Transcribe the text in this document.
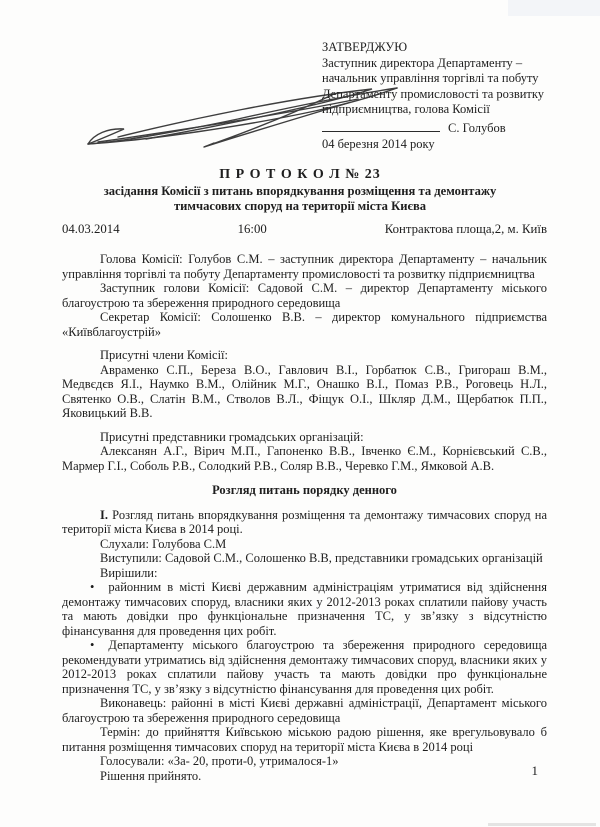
ЗАТВЕРДЖУЮ
Заступник директора Департаменту –
начальник управління торгівлі та побуту
Департаменту промисловості та розвитку
підприємництва, голова Комісії
С. Голубов
04 березня 2014 року
П Р О Т О К О Л № 23
засідання Комісії з питань впорядкування розміщення та демонтажу
тимчасових споруд на території міста Києва
04.03.2014	16:00	Контрактова площа,2, м. Київ

Голова Комісії: Голубов С.М. – заступник директора Департаменту – начальник управління торгівлі та побуту Департаменту промисловості та розвитку підприємництва

Заступник голови Комісії: Садовой С.М. – директор Департаменту міського благоустрою та збереження природного середовища

Секретар Комісії: Солошенко В.В. – директор комунального підприємства «Київблагоустрій»

Присутні члени Комісії:

Авраменко С.П., Береза В.О., Гавлович В.І., Горбатюк С.В., Григораш В.М., Медвєдєв Я.І., Наумко В.М., Олійник М.Г., Онашко В.І., Помаз Р.В., Роговець Н.Л., Святенко О.В., Слатін В.М., Стволов В.Л., Фіщук О.І., Шкляр Д.М., Щербатюк П.П., Яковицький В.В.

Присутні представники громадських організацій:

Алексанян А.Г., Вірич М.П., Гапоненко В.В., Івченко Є.М., Корнієвський С.В., Мармер Г.І., Соболь Р.В., Солодкий Р.В., Соляр В.В., Черевко Г.М., Ямковой А.В.

Розгляд питань порядку денного

І. Розгляд питань впорядкування розміщення та демонтажу тимчасових споруд на території міста Києва в 2014 році.

Слухали: Голубова С.М

Виступили: Садовой С.М., Солошенко В.В, представники громадських організацій

Вирішили:

• районним в місті Києві державним адміністраціям утриматися від здійснення демонтажу тимчасових споруд, власники яких у 2012-2013 роках сплатили пайову участь та мають довідки про функціональне призначення ТС, у зв’язку з відсутністю фінансування для проведення цих робіт.

• Департаменту міського благоустрою та збереження природного середовища рекомендувати утриматись від здійснення демонтажу тимчасових споруд, власники яких у 2012-2013 роках сплатили пайову участь та мають довідки про функціональне призначення ТС, у зв’язку з відсутністю фінансування для проведення цих робіт.

Виконавець: районні в місті Києві державні адміністрації, Департамент міського благоустрою та збереження природного середовища

Термін: до прийняття Київською міською радою рішення, яке врегульовувало б питання розміщення тимчасових споруд на території міста Києва в 2014 році

Голосували: «За- 20, проти-0, утрималося-1»

Рішення прийнято.	1
